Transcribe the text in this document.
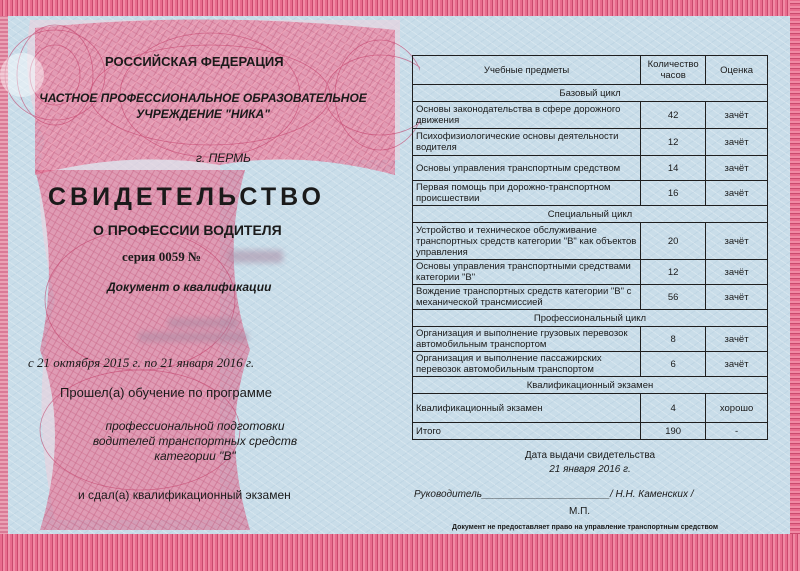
РОССИЙСКАЯ ФЕДЕРАЦИЯ
ЧАСТНОЕ ПРОФЕССИОНАЛЬНОЕ ОБРАЗОВАТЕЛЬНОЕ
УЧРЕЖДЕНИЕ "НИКА"
г. ПЕРМЬ
СВИДЕТЕЛЬСТВО
О ПРОФЕССИИ ВОДИТЕЛЯ
серия 0059 №
Документ о квалификации
с 21 октября 2015 г. по 21 января 2016 г.
Прошел(а) обучение по программе
профессиональной подготовки
водителей транспортных средств
категории "В"
и сдал(а) квалификационный экзамен
Учебные предметы	Количество часов	Оценка
Базовый цикл		
Основы законодательства в сфере дорожного движения	42	зачёт
Психофизиологические основы деятельности водителя	12	зачёт
Основы управления транспортным средством	14	зачёт
Первая помощь при дорожно-транспортном происшествии	16	зачёт
Специальный цикл		
Устройство и техническое обслуживание транспортных средств категории "В" как объектов управления	20	зачёт
Основы управления транспортными средствами категории "В"	12	зачёт
Вождение транспортных средств категории "В" с механической трансмиссией	56	зачёт
Профессиональный цикл		
Организация и выполнение грузовых перевозок автомобильным транспортом	8	зачёт
Организация и выполнение пассажирских перевозок автомобильным транспортом	6	зачёт
Квалификационный экзамен		
Квалификационный экзамен	4	хорошо
Итого	190	-
Дата выдачи свидетельства
21 января 2016 г.
Руководитель_______________________/ Н.Н. Каменских /
М.П.
Документ не предоставляет право на управление транспортным средством
